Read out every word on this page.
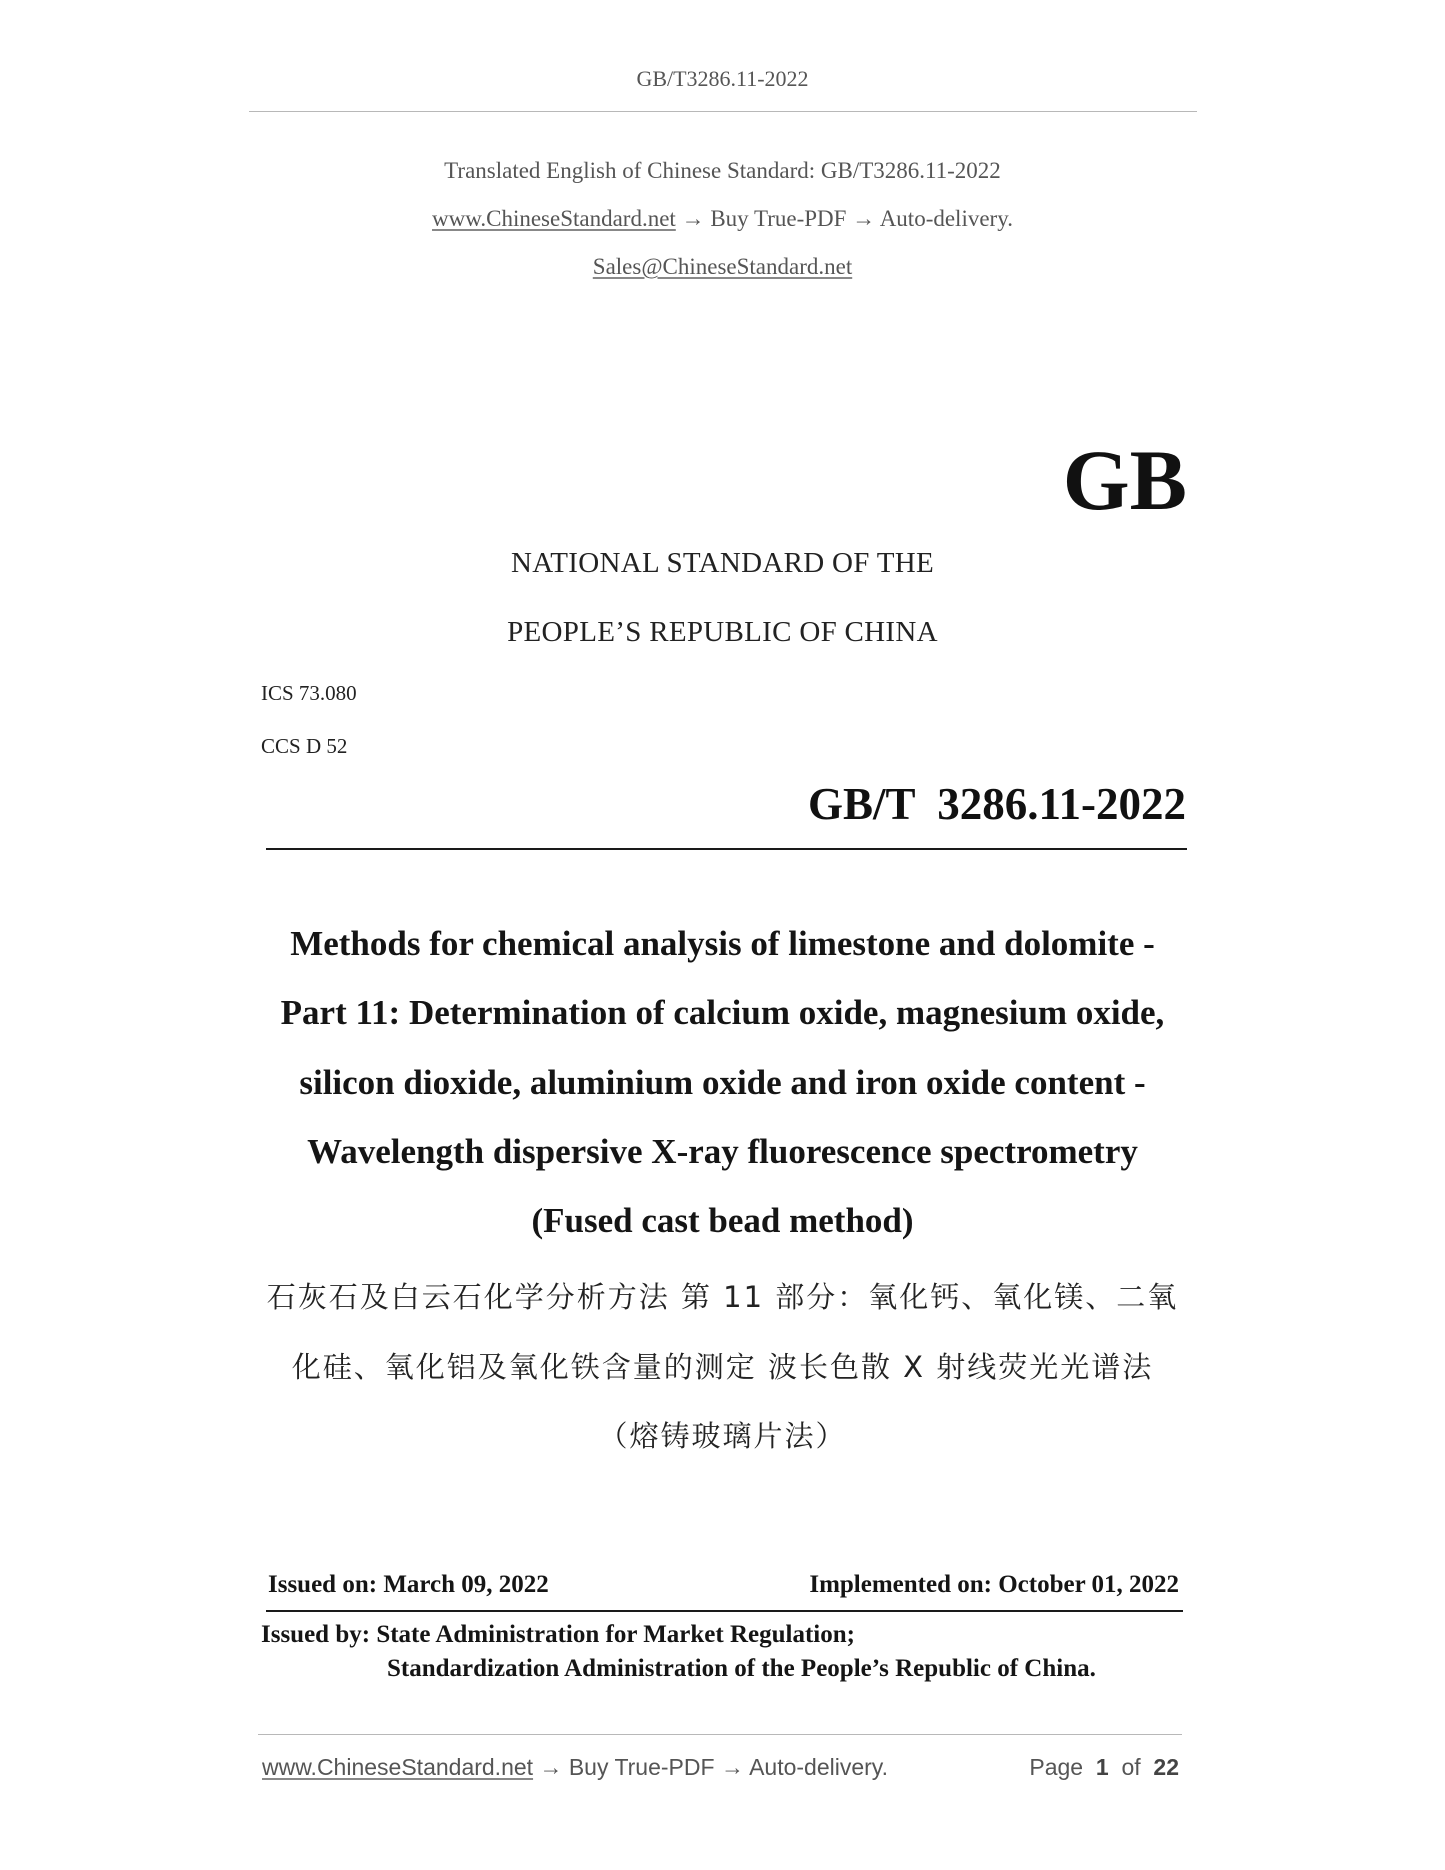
GB/T3286.11-2022
Translated English of Chinese Standard: GB/T3286.11-2022
www.ChineseStandard.net → Buy True-PDF → Auto-delivery.
Sales@ChineseStandard.net
GB
NATIONAL STANDARD OF THE
PEOPLE’S REPUBLIC OF CHINA
ICS 73.080
CCS D 52
GB/T  3286.11-2022
Methods for chemical analysis of limestone and dolomite -
Part 11: Determination of calcium oxide, magnesium oxide,
silicon dioxide, aluminium oxide and iron oxide content -
Wavelength dispersive X-ray fluorescence spectrometry
(Fused cast bead method)
石灰石及白云石化学分析方法 第 11 部分：氧化钙、氧化镁、二氧
化硅、氧化铝及氧化铁含量的测定 波长色散 X 射线荧光光谱法
（熔铸玻璃片法）
Issued on: March 09, 2022	Implemented on: October 01, 2022
Issued by: State Administration for Market Regulation;
Standardization Administration of the People’s Republic of China.
www.ChineseStandard.net → Buy True-PDF → Auto-delivery.	Page 1 of 22
